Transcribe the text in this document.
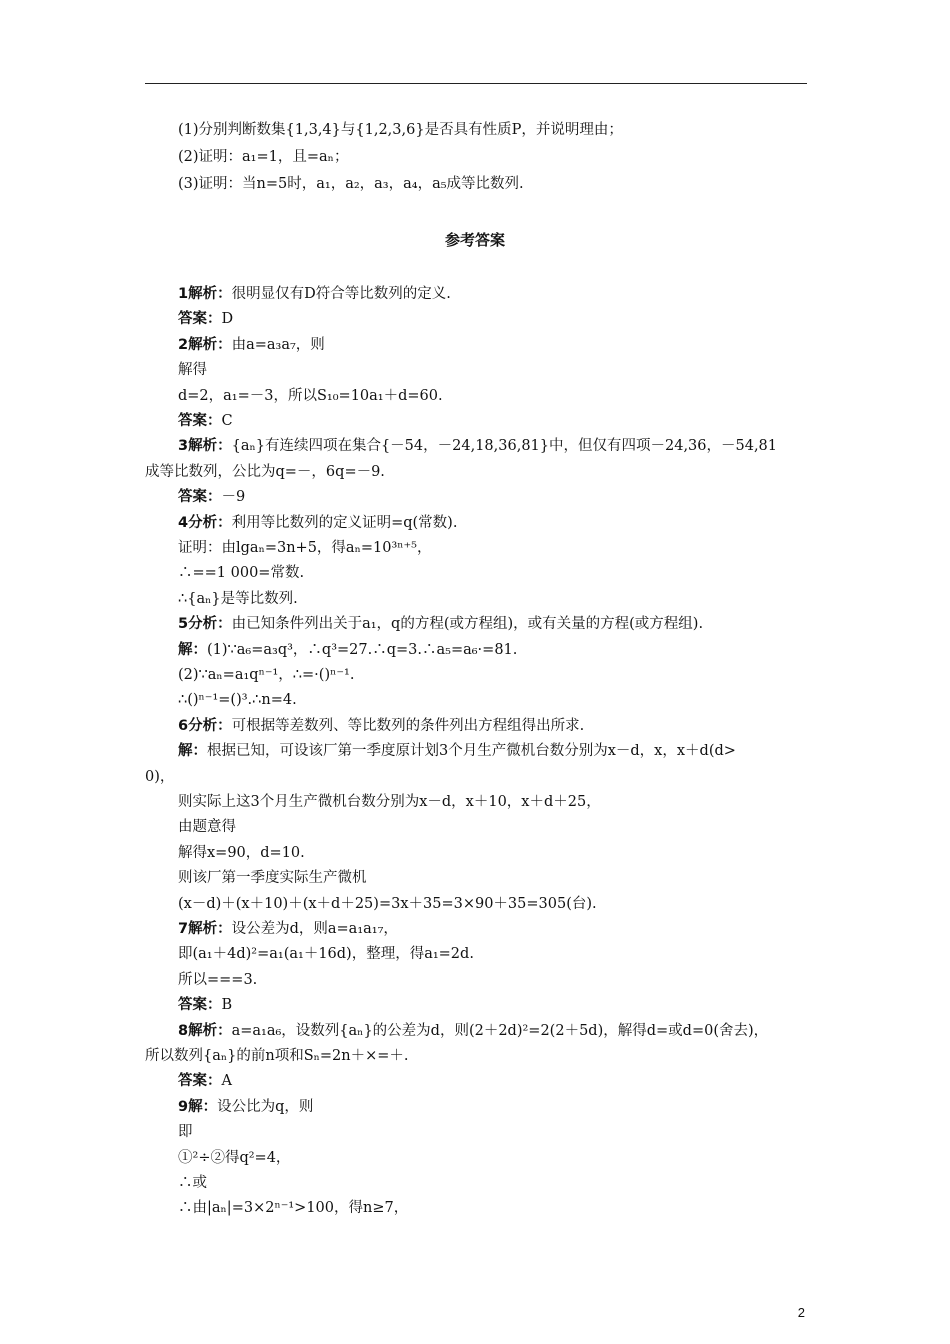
(1)分别判断数集{1,3,4}与{1,2,3,6}是否具有性质P，并说明理由；
(2)证明：a₁=1，且=aₙ；
(3)证明：当n=5时，a₁，a₂，a₃，a₄，a₅成等比数列.
参考答案
1解析：很明显仅有D符合等比数列的定义.
答案：D
2解析：由a=a₃a₇，则
解得
d=2，a₁=－3，所以S₁₀=10a₁＋d=60.
答案：C
3解析：{aₙ}有连续四项在集合{－54，－24,18,36,81}中，但仅有四项－24,36，－54,81
成等比数列，公比为q=－，6q=－9.
答案：－9
4分析：利用等比数列的定义证明=q(常数).
证明：由lgaₙ=3n+5，得aₙ=10³ⁿ⁺⁵，
∴==1 000=常数.
∴{aₙ}是等比数列.
5分析：由已知条件列出关于a₁，q的方程(或方程组)，或有关量的方程(或方程组).
解：(1)∵a₆=a₃q³，∴q³=27.∴q=3.∴a₅=a₆·=81.
(2)∵aₙ=a₁qⁿ⁻¹，∴=·()ⁿ⁻¹.
∴()ⁿ⁻¹=()³.∴n=4.
6分析：可根据等差数列、等比数列的条件列出方程组得出所求.
解：根据已知，可设该厂第一季度原计划3个月生产微机台数分别为x－d，x，x＋d(d>
0)，
则实际上这3个月生产微机台数分别为x－d，x＋10，x＋d＋25，
由题意得
解得x=90，d=10.
则该厂第一季度实际生产微机
(x－d)＋(x＋10)＋(x＋d＋25)=3x＋35=3×90＋35=305(台).
7解析：设公差为d，则a=a₁a₁₇，
即(a₁＋4d)²=a₁(a₁＋16d)，整理，得a₁=2d.
所以===3.
答案：B
8解析：a=a₁a₆，设数列{aₙ}的公差为d，则(2＋2d)²=2(2＋5d)，解得d=或d=0(舍去)，
所以数列{aₙ}的前n项和Sₙ=2n＋×=＋.
答案：A
9解：设公比为q，则
即
①²÷②得q²=4，
∴或
∴由|aₙ|=3×2ⁿ⁻¹>100，得n≥7，
2
